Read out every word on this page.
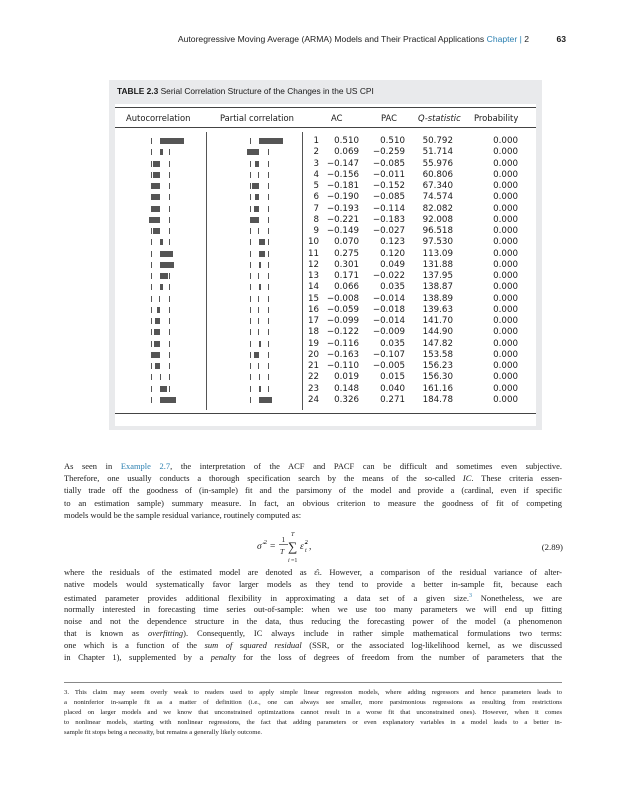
Autoregressive Moving Average (ARMA) Models and Their Practical Applications Chapter | 2	63
TABLE 2.3 Serial Correlation Structure of the Changes in the US CPI
Autocorrelation	Partial correlation	AC	PAC	Q-statistic Probability
1	0.510	0.510	50.792	0.000
2	0.069	−0.259	51.714	0.000
3 −0.147	−0.085	55.976	0.000
4 −0.156	−0.011	60.806	0.000
5 −0.181	−0.152	67.340	0.000
6 −0.190	−0.085	74.574	0.000
7 −0.193	−0.114	82.082	0.000
8 −0.221	−0.183	92.008	0.000
9 −0.149	−0.027	96.518	0.000
10	0.070	0.123	97.530	0.000
11	0.275	0.120	113.09	0.000
12	0.301	0.049	131.88	0.000
13	0.171	−0.022	137.95	0.000
14	0.066	0.035	138.87	0.000
15 −0.008	−0.014	138.89	0.000
16 −0.059	−0.018	139.63	0.000
17 −0.099	−0.014	141.70	0.000
18 −0.122	−0.009	144.90	0.000
19 −0.116	0.035	147.82	0.000
20 −0.163	−0.107	153.58	0.000
21 −0.110	−0.005	156.23	0.000
22	0.019	0.015	156.30	0.000
23	0.148	0.040	161.16	0.000
24	0.326	0.271	184.78	0.000
As seen in Example 2.7, the interpretation of the ACF and PACF can be difficult and sometimes even subjective.
Therefore, one usually conducts a thorough specification search by the means of the so-called IC. These criteria essen-
tially trade off the goodness of (in-sample) fit and the parsimony of the model and provide a (cardinal, even if specific
to an estimation sample) summary measure. In fact, an obvious criterion to measure the goodness of fit of competing
models would be the sample residual variance, routinely computed as:
σ̂ 2 =
1
T
T
∑
i =1
ε̂ 2
t ,	(2.89)
where the residuals of the estimated model are denoted as ε̂ₜ. However, a comparison of the residual variance of alter-
native models would systematically favor larger models as they tend to provide a better in-sample fit, because each
estimated parameter provides additional flexibility in approximating a data set of a given size.$^3$ Nonetheless, we are
normally interested in forecasting time series out-of-sample: when we use too many parameters we will end up fitting
noise and not the dependence structure in the data, thus reducing the forecasting power of the model (a phenomenon
that is known as overfitting). Consequently, IC always include in rather simple mathematical formulations two terms:
one which is a function of the sum of squared residual (SSR, or the associated log-likelihood kernel, as we discussed
in Chapter 1), supplemented by a penalty for the loss of degrees of freedom from the number of parameters that the
3. This claim may seem overly weak to readers used to apply simple linear regression models, where adding regressors and hence parameters leads to
a noninferior in-sample fit as a matter of definition (i.e., one can always see smaller, more parsimonious regressions as resulting from restrictions
placed on larger models and we know that unconstrained optimizations cannot result in a worse fit that unconstrained ones). However, when it comes
to nonlinear models, starting with nonlinear regressions, the fact that adding parameters or even explanatory variables in a model leads to a better in-
sample fit stops being a necessity, but remains a generally likely outcome.
